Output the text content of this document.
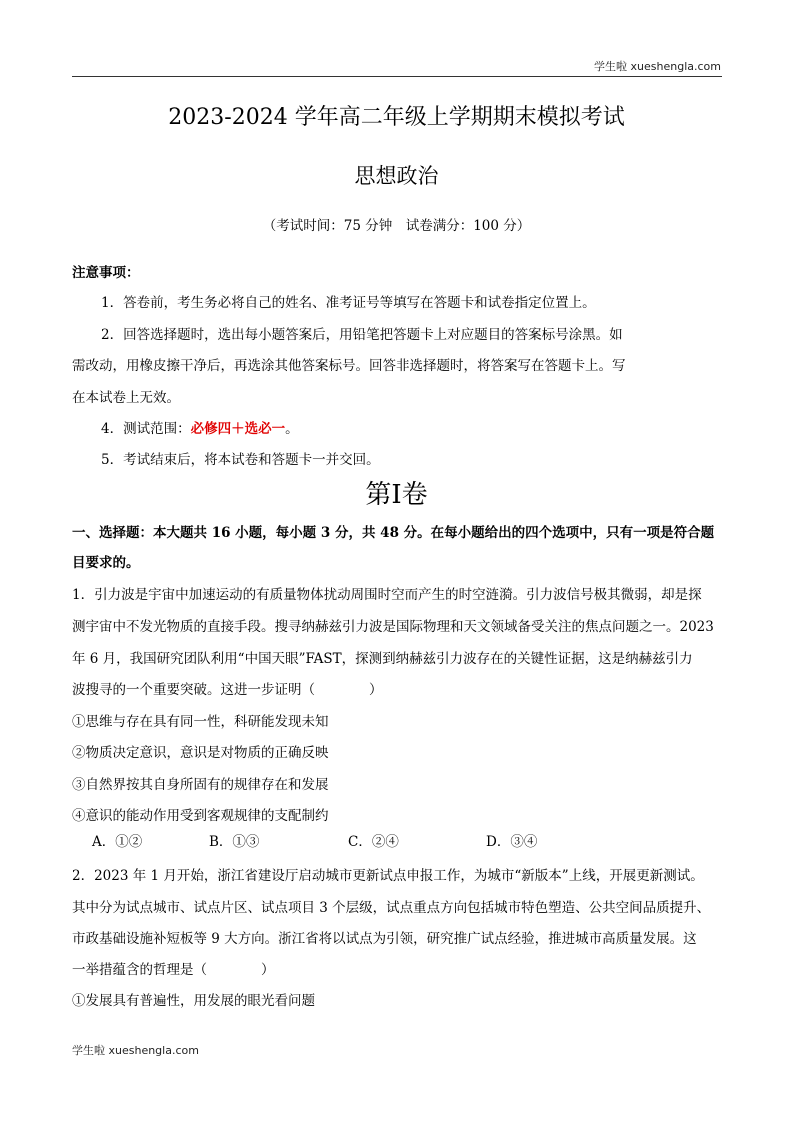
学生啦 xueshengla.com
2023-2024 学年高二年级上学期期末模拟考试
思想政治
（考试时间：75 分钟　试卷满分：100 分）
注意事项：
1．答卷前，考生务必将自己的姓名、准考证号等填写在答题卡和试卷指定位置上。
2．回答选择题时，选出每小题答案后，用铅笔把答题卡上对应题目的答案标号涂黑。如
需改动，用橡皮擦干净后，再选涂其他答案标号。回答非选择题时，将答案写在答题卡上。写
在本试卷上无效。
4．测试范围：必修四＋选必一。
5．考试结束后，将本试卷和答题卡一并交回。
第I卷
一、选择题：本大题共 16 小题，每小题 3 分，共 48 分。在每小题给出的四个选项中，只有一项是符合题
目要求的。
1．引力波是宇宙中加速运动的有质量物体扰动周围时空而产生的时空涟漪。引力波信号极其微弱，却是探
测宇宙中不发光物质的直接手段。搜寻纳赫兹引力波是国际物理和天文领域备受关注的焦点问题之一。2023
年 6 月，我国研究团队利用“中国天眼”FAST，探测到纳赫兹引力波存在的关键性证据，这是纳赫兹引力
波搜寻的一个重要突破。这进一步证明（　　　　）
①思维与存在具有同一性，科研能发现未知
②物质决定意识，意识是对物质的正确反映
③自然界按其自身所固有的规律存在和发展
④意识的能动作用受到客观规律的支配制约
A．①②	B．①③	C．②④	D．③④
2．2023 年 1 月开始，浙江省建设厅启动城市更新试点申报工作，为城市“新版本”上线，开展更新测试。
其中分为试点城市、试点片区、试点项目 3 个层级，试点重点方向包括城市特色塑造、公共空间品质提升、
市政基础设施补短板等 9 大方向。浙江省将以试点为引领，研究推广试点经验，推进城市高质量发展。这
一举措蕴含的哲理是（　　　　）
①发展具有普遍性，用发展的眼光看问题
学生啦 xueshengla.com
